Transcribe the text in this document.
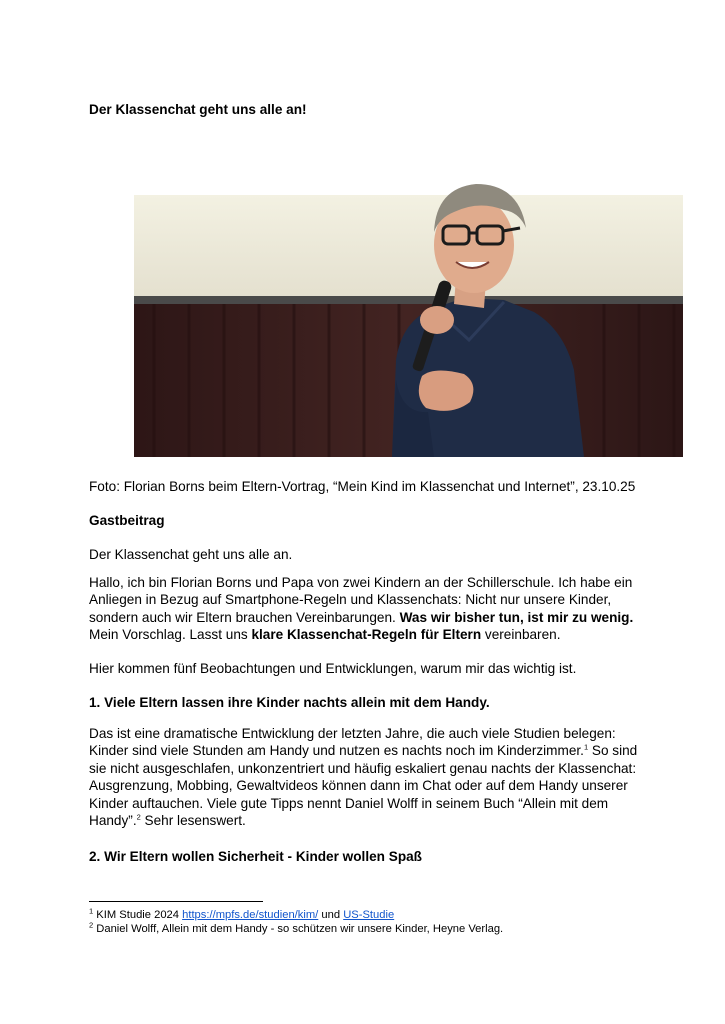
Der Klassenchat geht uns alle an!

Foto: Florian Borns beim Eltern-Vortrag, “Mein Kind im Klassenchat und Internet”, 23.10.25

Gastbeitrag

Der Klassenchat geht uns alle an.

Hallo, ich bin Florian Borns und Papa von zwei Kindern an der Schillerschule. Ich habe ein Anliegen in Bezug auf Smartphone-Regeln und Klassenchats: Nicht nur unsere Kinder, sondern auch wir Eltern brauchen Vereinbarungen. Was wir bisher tun, ist mir zu wenig. Mein Vorschlag. Lasst uns klare Klassenchat-Regeln für Eltern vereinbaren.

Hier kommen fünf Beobachtungen und Entwicklungen, warum mir das wichtig ist.

1. Viele Eltern lassen ihre Kinder nachts allein mit dem Handy.

Das ist eine dramatische Entwicklung der letzten Jahre, die auch viele Studien belegen: Kinder sind viele Stunden am Handy und nutzen es nachts noch im Kinderzimmer.$^1$ So sind sie nicht ausgeschlafen, unkonzentriert und häufig eskaliert genau nachts der Klassenchat: Ausgrenzung, Mobbing, Gewaltvideos können dann im Chat oder auf dem Handy unserer Kinder auftauchen. Viele gute Tipps nennt Daniel Wolff in seinem Buch “Allein mit dem Handy”.$^2$ Sehr lesenswert.

2. Wir Eltern wollen Sicherheit - Kinder wollen Spaß

$^1$ KIM Studie 2024 https://mpfs.de/studien/kim/ und US-Studie

$^2$ Daniel Wolff, Allein mit dem Handy - so schützen wir unsere Kinder, Heyne Verlag.
